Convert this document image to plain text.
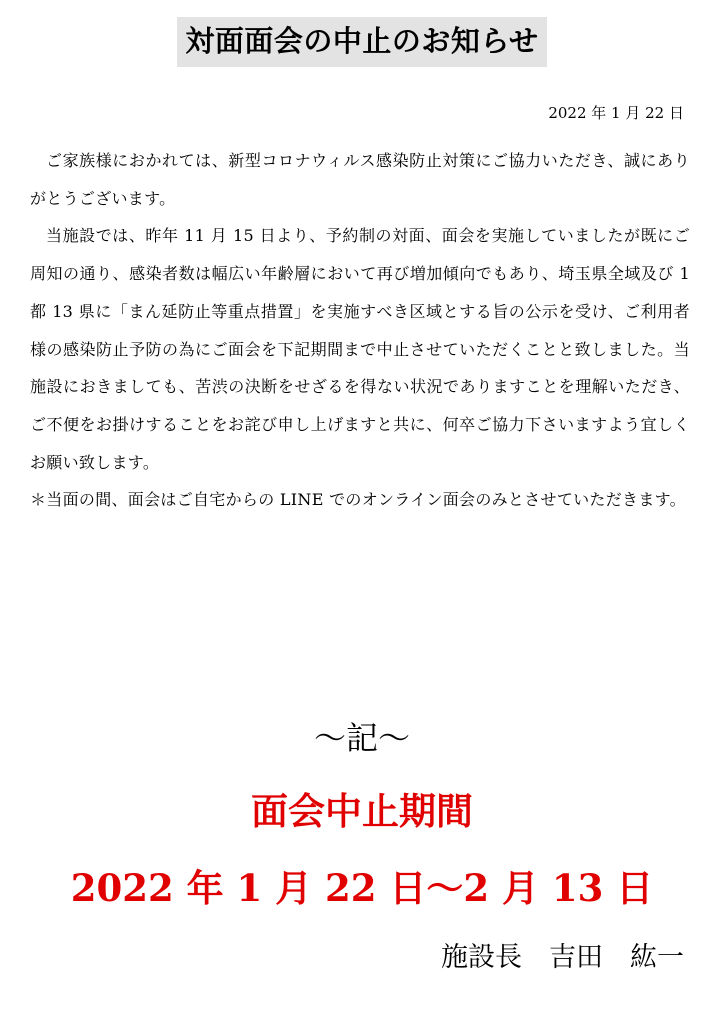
対面面会の中止のお知らせ
2022 年 1 月 22 日

ご家族様におかれては、新型コロナウィルス感染防止対策にご協力いただき、誠にありがとうございます。

当施設では、昨年 11 月 15 日より、予約制の対面、面会を実施していましたが既にご周知の通り、感染者数は幅広い年齢層において再び増加傾向でもあり、埼玉県全域及び 1 都 13 県に「まん延防止等重点措置」を実施すべき区域とする旨の公示を受け、ご利用者様の感染防止予防の為にご面会を下記期間まで中止させていただくことと致しました。当施設におきましても、苦渋の決断をせざるを得ない状況でありますことを理解いただき、ご不便をお掛けすることをお詫び申し上げますと共に、何卒ご協力下さいますよう宜しくお願い致します。

＊当面の間、面会はご自宅からの LINE でのオンライン面会のみとさせていただきます。

～記～
面会中止期間
2022 年 1 月 22 日～2 月 13 日
施設長　吉田　紘一
